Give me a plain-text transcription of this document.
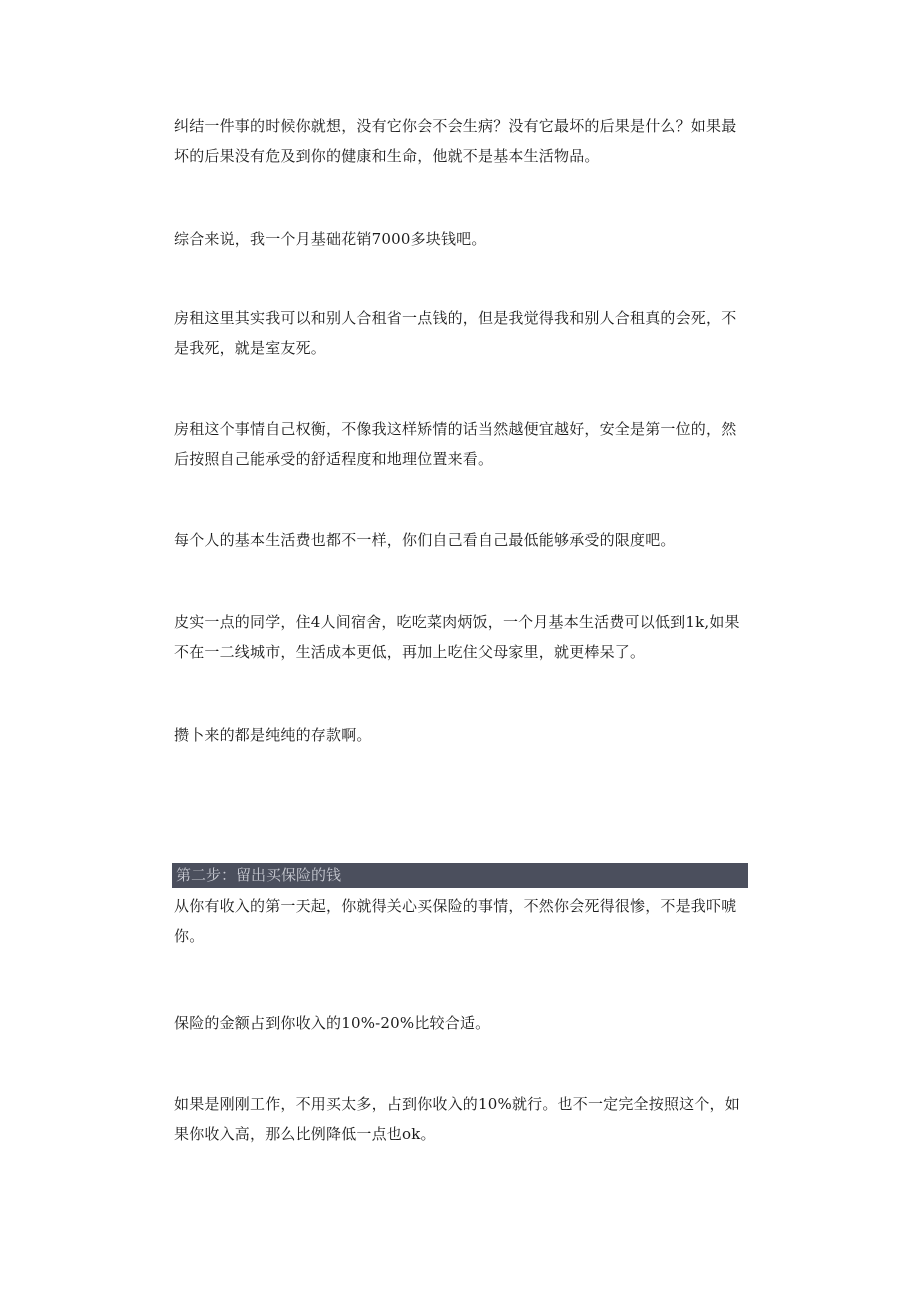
纠结一件事的时候你就想，没有它你会不会生病？没有它最坏的后果是什么？如果最坏的后果没有危及到你的健康和生命，他就不是基本生活物品。

综合来说，我一个月基础花销7000多块钱吧。

房租这里其实我可以和别人合租省一点钱的，但是我觉得我和别人合租真的会死，不是我死，就是室友死。

房租这个事情自己权衡，不像我这样矫情的话当然越便宜越好，安全是第一位的，然后按照自己能承受的舒适程度和地理位置来看。

每个人的基本生活费也都不一样，你们自己看自己最低能够承受的限度吧。

皮实一点的同学，住4人间宿舍，吃吃菜肉炳饭，一个月基本生活费可以低到1k,如果不在一二线城市，生活成本更低，再加上吃住父母家里，就更棒呆了。

攒卜来的都是纯纯的存款啊。

第二步：留出买保险的钱

从你有收入的第一天起，你就得关心买保险的事情，不然你会死得很惨，不是我吓唬你。

保险的金额占到你收入的10%-20%比较合适。

如果是刚刚工作，不用买太多，占到你收入的10%就行。也不一定完全按照这个，如果你收入高，那么比例降低一点也ok。
